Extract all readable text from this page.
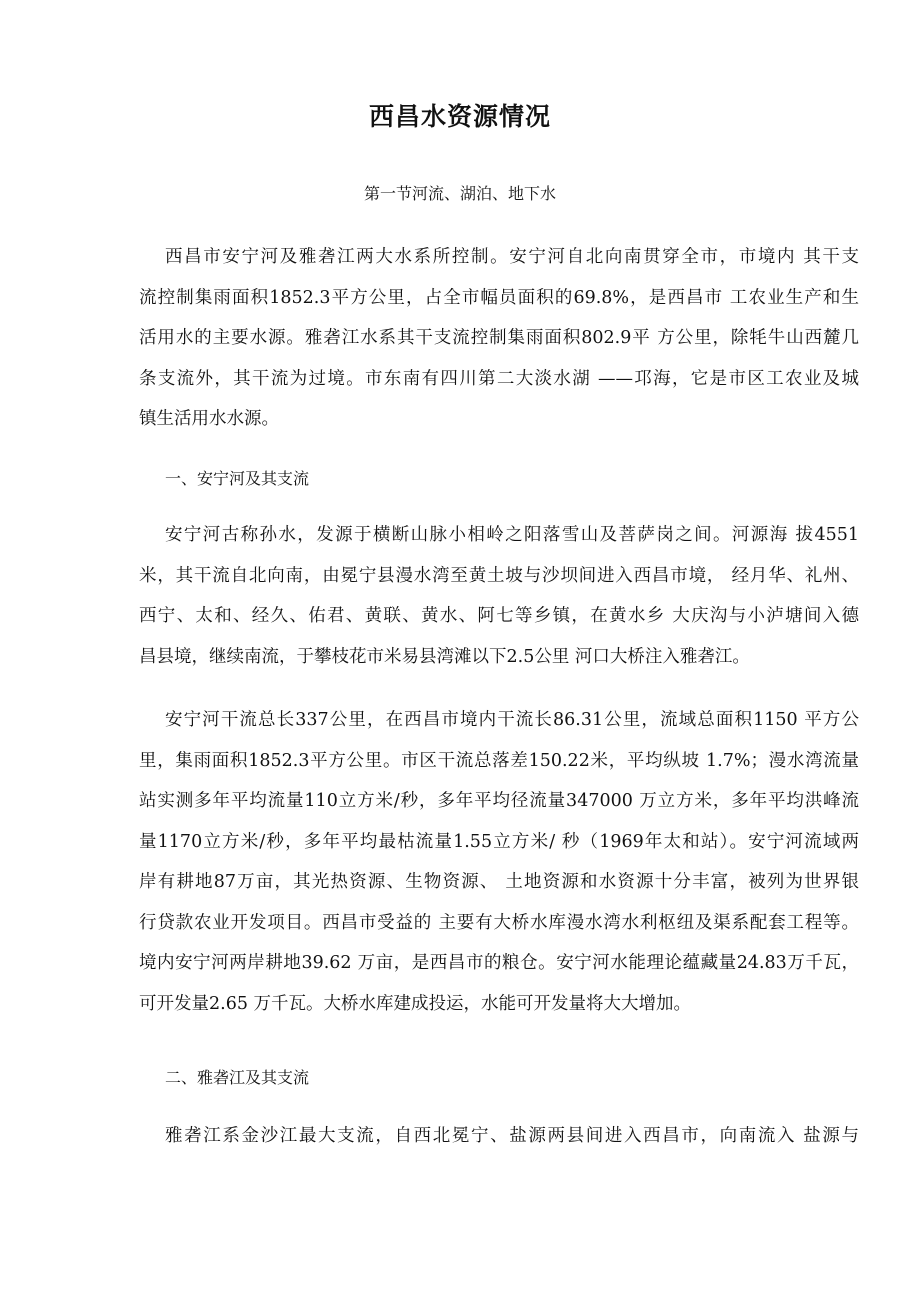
西昌水资源情况

第一节河流、湖泊、地下水

西昌市安宁河及雅砻江两大水系所控制。安宁河自北向南贯穿全市，市境内 其干支
流控制集雨面积1852.3平方公里，占全市幅员面积的69.8%，是西昌市 工农业生产和生
活用水的主要水源。雅砻江水系其干支流控制集雨面积802.9平 方公里，除牦牛山西麓几
条支流外，其干流为过境。市东南有四川第二大淡水湖 ——邛海，它是市区工农业及城
镇生活用水水源。

一、安宁河及其支流

安宁河古称孙水，发源于横断山脉小相岭之阳落雪山及菩萨岗之间。河源海 拔4551
米，其干流自北向南，由冕宁县漫水湾至黄土坡与沙坝间进入西昌市境， 经月华、礼州、
西宁、太和、经久、佑君、黄联、黄水、阿七等乡镇，在黄水乡 大庆沟与小泸塘间入德
昌县境，继续南流，于攀枝花市米易县湾滩以下2.5公里 河口大桥注入雅砻江。
安宁河干流总长337公里，在西昌市境内干流长86.31公里，流域总面积1150 平方公
里，集雨面积1852.3平方公里。市区干流总落差150.22米，平均纵坡 1.7%；漫水湾流量
站实测多年平均流量110立方米/秒，多年平均径流量347000 万立方米，多年平均洪峰流
量1170立方米/秒，多年平均最枯流量1.55立方米/ 秒（1969年太和站）。安宁河流域两
岸有耕地87万亩，其光热资源、生物资源、 土地资源和水资源十分丰富，被列为世界银
行贷款农业开发项目。西昌市受益的 主要有大桥水库漫水湾水利枢纽及渠系配套工程等。
境内安宁河两岸耕地39.62 万亩，是西昌市的粮仓。安宁河水能理论蕴藏量24.83万千瓦，
可开发量2.65 万千瓦。大桥水库建成投运，水能可开发量将大大增加。

二、雅砻江及其支流

雅砻江系金沙江最大支流，自西北冕宁、盐源两县间进入西昌市，向南流入 盐源与
